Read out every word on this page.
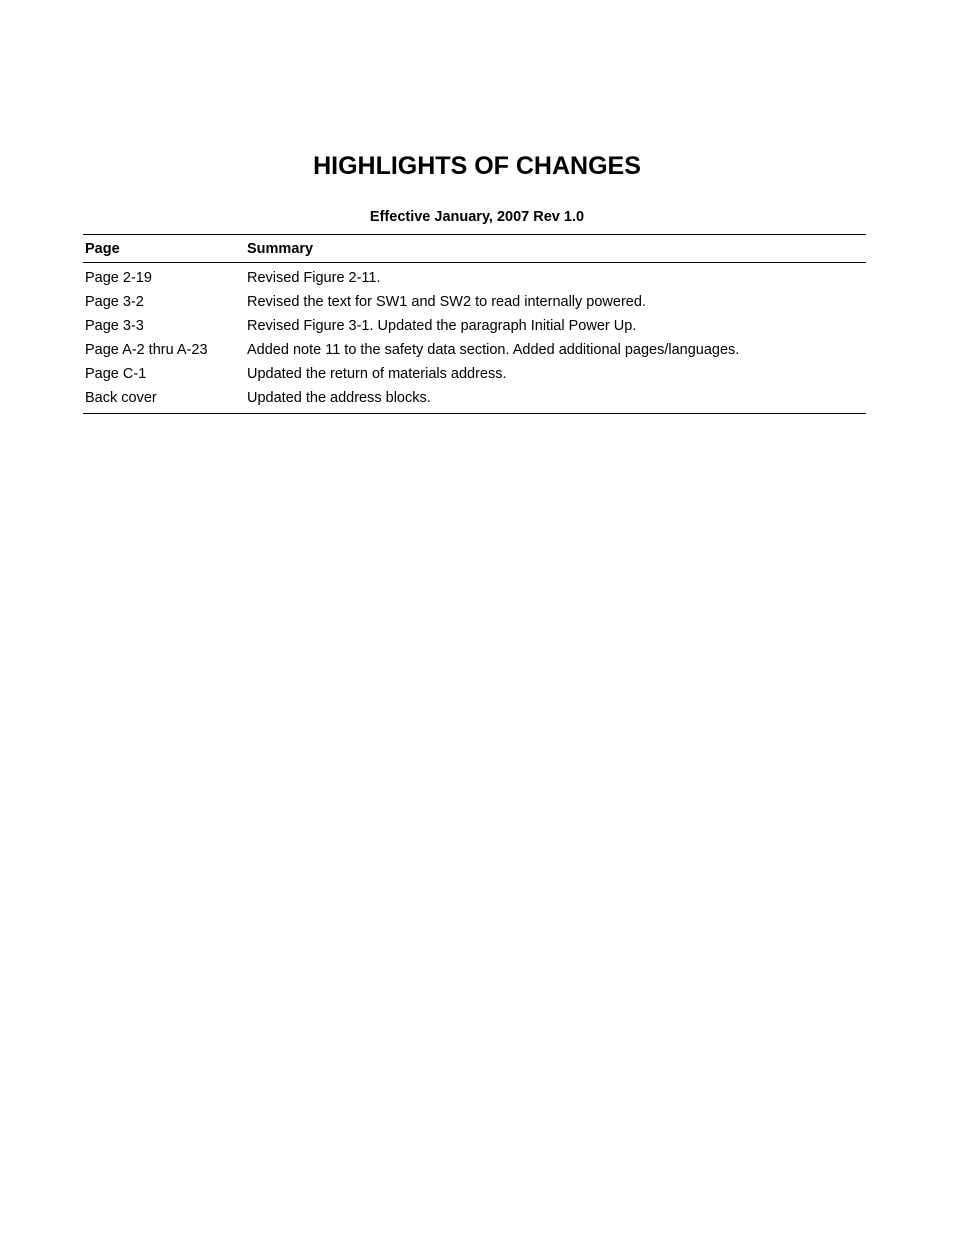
HIGHLIGHTS OF CHANGES
Effective January, 2007 Rev 1.0
Page	Summary
Page 2-19	Revised Figure 2-11.
Page 3-2	Revised the text for SW1 and SW2 to read internally powered.
Page 3-3	Revised Figure 3-1. Updated the paragraph Initial Power Up.
Page A-2 thru A-23	Added note 11 to the safety data section. Added additional pages/languages.
Page C-1	Updated the return of materials address.
Back cover	Updated the address blocks.
